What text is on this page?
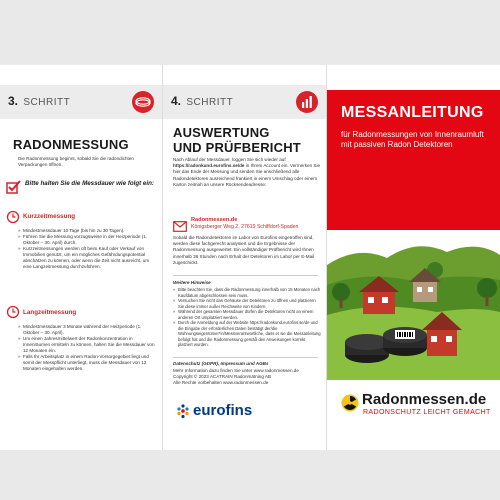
3. SCHRITT
RADONMESSUNG
Die Radonmessung beginnt, sobald Sie die radondichten Verpackungen öffnen.
Bitte halten Sie die Messdauer wie folgt ein:
Kurzzeitmessung
» Mindestmessdauer 10 Tage (bis hin zu 30 Tagen).
» Führen Sie die Messung vorzugsweise in der Heizperiode (1. Oktober – 30. April) durch.
» Kurzzeitmessungen werden oft beim Kauf oder Verkauf von Immobilien genutzt, um ein mögliches Gefährdungspotential abschätzen zu können, oder wenn die Zeit nicht ausreicht, um eine Langzeitmessung durchzuführen.
Langzeitmessung
» Mindestmessdauer 3 Monate während der Heizperiode (1. Oktober – 30. April).
» Um einen Jahresmittelwert der Radonkonzentration in Innenräumen ermitteln zu können, halten Sie die Messdauer von 12 Monaten ein.
» Falls Ihr Arbeitsplatz in einem Radon-Vorsorgegebiet liegt und somit der Messpflicht unterliegt, muss die Messdauer von 12 Monaten eingehalten werden.
4. SCHRITT
AUSWERTUNG
UND PRÜFBERICHT
Nach Ablauf der Messdauer, loggen Sie sich wieder auf https://radonkund.eurofins.se/de in Ihrem Account ein. Vermerken Sie hier das Ende der Messung und senden Sie anschließend alle Radondetektoren ausreichend frankiert in einem Umschlag oder einem Karton zeitnah an unsere Rücksendeadresse:
Radonmessen.de
Königsberger Weg 2, 27619 Schiffdorf-Spaden
Sobald die Radondetektoren im Labor von Eurofins eingetroffen sind, werden diese fachgerecht analysiert und die Ergebnisse der Radonmessung ausgewertet. Ein vollständiger Prüfbericht wird Ihnen innerhalb 36 Stunden nach Erhalt der Detektoren im Labor per E-Mail zugeschickt.
Weitere Hinweise
» Bitte beachten Sie, dass die Radonmessung innerhalb von 15 Monaten nach Kaufdatum abgeschlossen sein muss.
» Versuchen Sie nicht das Gehäuse der Detektoren zu öffnen und platzieren Sie diese immer außer Reichweite von Kindern.
» Während der gesamten Messdauer dürfen die Detektoren nicht an einem anderen Ort umplatziert werden.
» Durch die Anmeldung auf der Website https://radonkund.eurofins.se/de und die Eingabe der erforderlichen Daten bestätigt der/die Wohnungseigentümer*in/Messverantwortliche, dass er sie die Messanleitung befolgt hat und die Radonmessung gemäß den Anweisungen korrekt platziert wurden.
Datenschutz (GDPR), Impressum und AGBs
Mehr Information dazu finden Sie unter www.radonmessen.de
Copyright © 2023 ACATRAIN Radonmätning AB
Alle Rechte vorbehalten www.radonmessen.de
eurofins
MESSANLEITUNG
für Radonmessungen von Innenraumluft mit passiven Radon Detektoren
Radonmessen.de
RADONSCHUTZ LEICHT GEMACHT
